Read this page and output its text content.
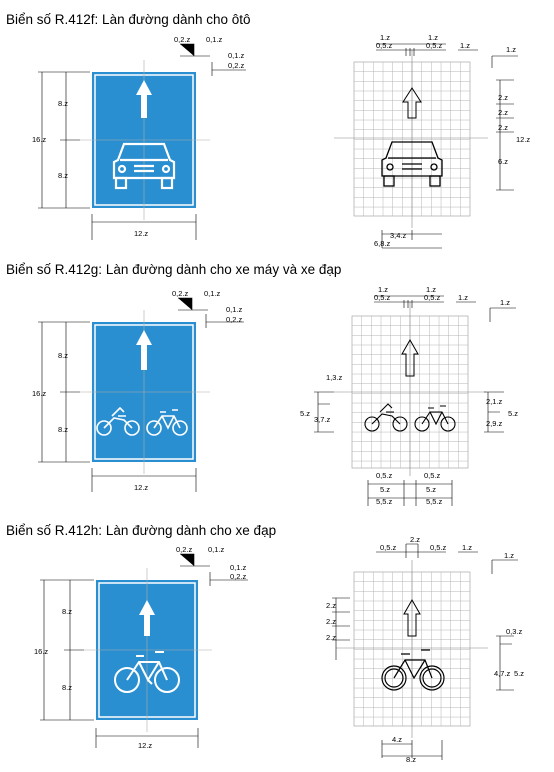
Biển số R.412f: Làn đường dành cho ôtô
Biển số R.412g: Làn đường dành cho xe máy và xe đạp
Biển số R.412h: Làn đường dành cho xe đạp
16.z
8.z
8.z
12.z
0,2.z 0,1.z
0,1.z
0,2.z
1.z	1.z
0,5.z	0,5.z 1.z	1.z
2.z
2.z
2.z
6.z
12.z
3,4.z
6,8.z
16.z
8.z
8.z
12.z
0,2.z 0,1.z
0,1.z
0,2.z
1.z	1.z
0,5.z	0,5.z 1.z
1.z
1,3.z
3,7.z
5.z
2,1.z
2,9.z
5.z
0,5.z	0,5.z
5.z	5.z
5,5.z	5,5.z
16.z
8.z
8.z
12.z
0,2.z 0,1.z
0,1.z
0,2.z
2.z
0,5.z	0,5.z 1.z
1.z
2.z
2.z
2.z
0,3.z
4,7.z 5.z
4.z
8.z
